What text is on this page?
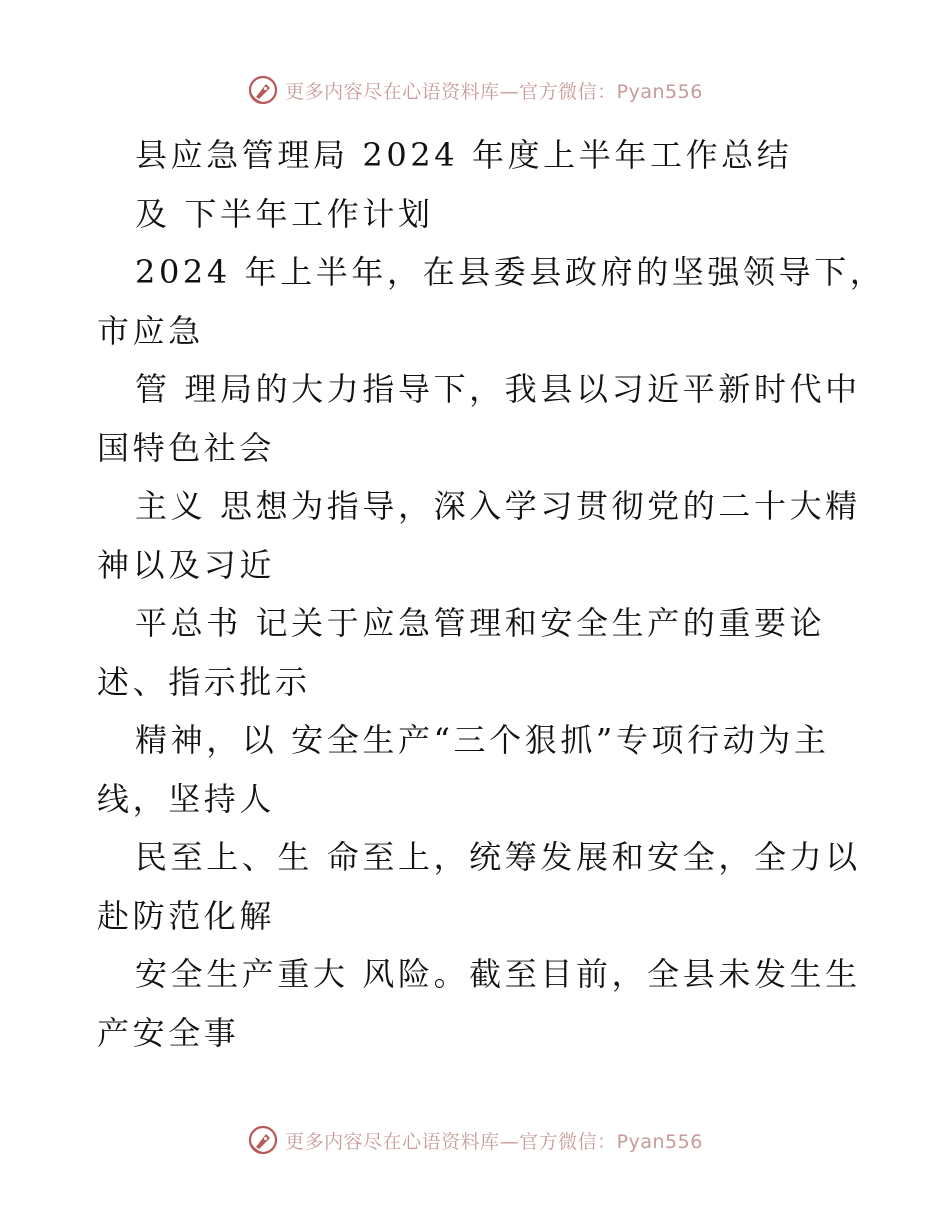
更多内容尽在心语资料库—官方微信：Pyan556
县应急管理局 2024 年度上半年工作总结
及 下半年工作计划
2024 年上半年，在县委县政府的坚强领导下，
市应急
管 理局的大力指导下，我县以习近平新时代中
国特色社会
主义 思想为指导，深入学习贯彻党的二十大精
神以及习近
平总书 记关于应急管理和安全生产的重要论
述、指示批示
精神，以 安全生产“三个狠抓”专项行动为主
线，坚持人
民至上、生 命至上，统筹发展和安全，全力以
赴防范化解
安全生产重大 风险。截至目前，全县未发生生
产安全事
更多内容尽在心语资料库—官方微信：Pyan556
